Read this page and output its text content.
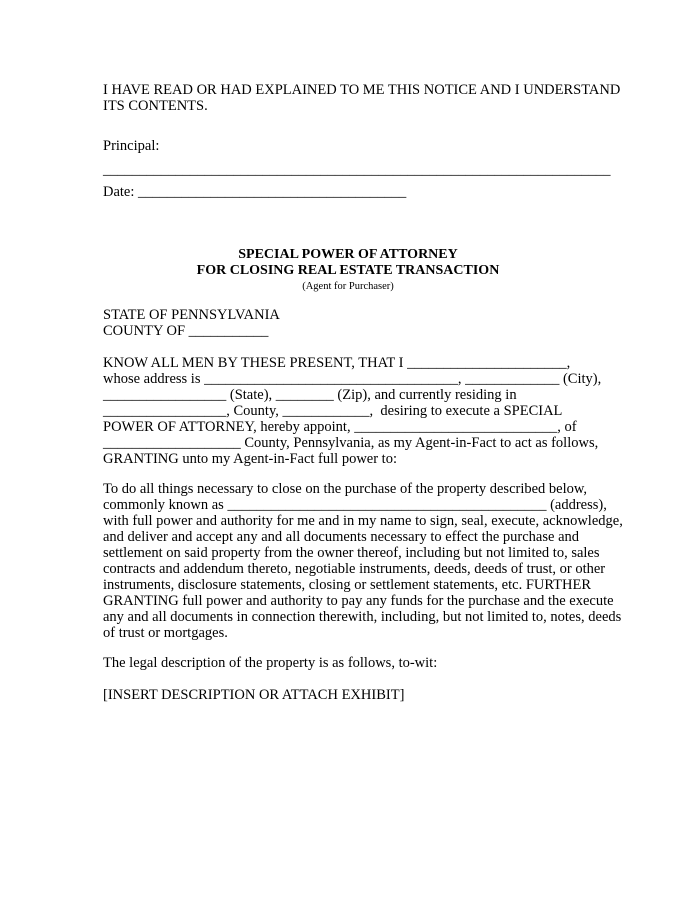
I HAVE READ OR HAD EXPLAINED TO ME THIS NOTICE AND I UNDERSTAND
ITS CONTENTS.
Principal:
______________________________________________________________________
Date: _____________________________________
SPECIAL POWER OF ATTORNEY
FOR CLOSING REAL ESTATE TRANSACTION
(Agent for Purchaser)
STATE OF PENNSYLVANIA
COUNTY OF ___________
KNOW ALL MEN BY THESE PRESENT, THAT I ______________________,
whose address is ___________________________________, _____________ (City),
_________________ (State), ________ (Zip), and currently residing in
_________________, County, ____________,  desiring to execute a SPECIAL
POWER OF ATTORNEY, hereby appoint, ____________________________, of
___________________ County, Pennsylvania, as my Agent-in-Fact to act as follows,
GRANTING unto my Agent-in-Fact full power to:
To do all things necessary to close on the purchase of the property described below,
commonly known as ____________________________________________ (address),
with full power and authority for me and in my name to sign, seal, execute, acknowledge,
and deliver and accept any and all documents necessary to effect the purchase and
settlement on said property from the owner thereof, including but not limited to, sales
contracts and addendum thereto, negotiable instruments, deeds, deeds of trust, or other
instruments, disclosure statements, closing or settlement statements, etc. FURTHER
GRANTING full power and authority to pay any funds for the purchase and the execute
any and all documents in connection therewith, including, but not limited to, notes, deeds
of trust or mortgages.
The legal description of the property is as follows, to-wit:
[INSERT DESCRIPTION OR ATTACH EXHIBIT]
